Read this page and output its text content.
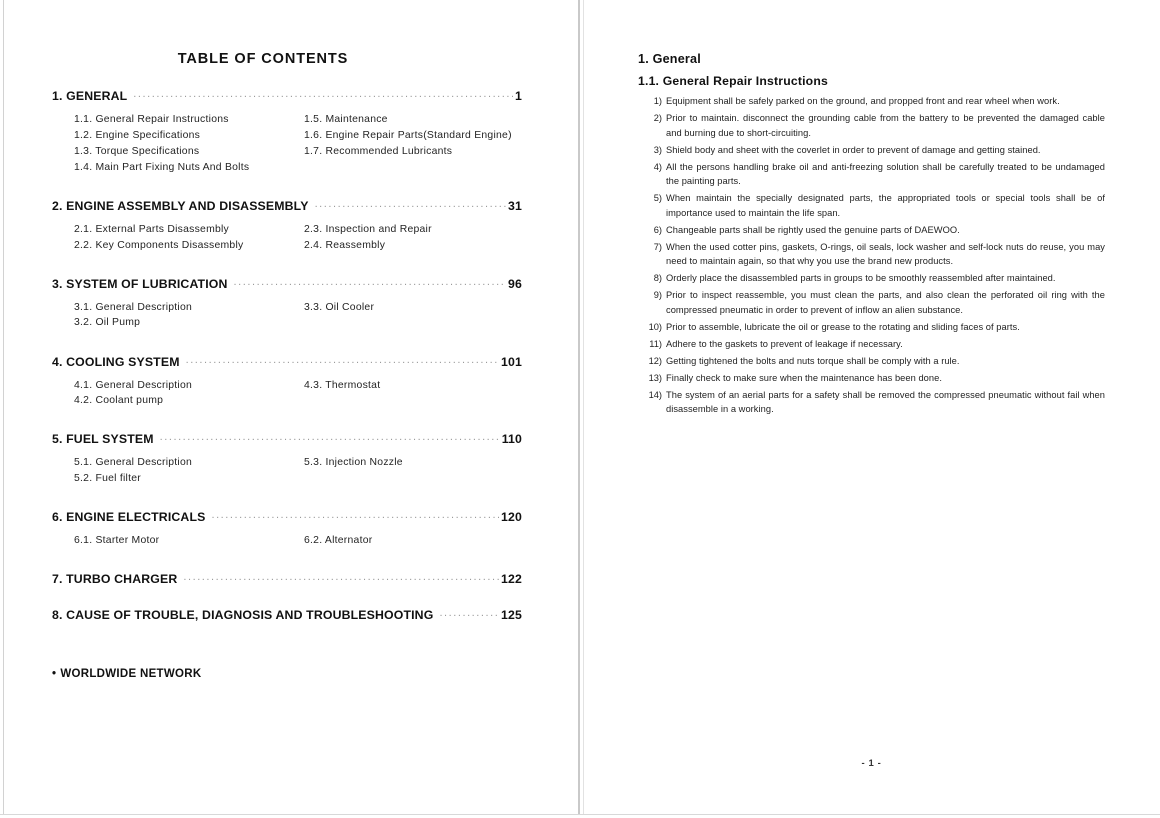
TABLE OF CONTENTS
1. GENERAL .....	1
1.1. General Repair Instructions	1.5. Maintenance
1.2. Engine Specifications	1.6. Engine Repair Parts(Standard Engine)
1.3. Torque Specifications	1.7. Recommended Lubricants
1.4. Main Part Fixing Nuts And Bolts
2. ENGINE ASSEMBLY AND DISASSEMBLY .....	31
2.1. External Parts Disassembly	2.3. Inspection and Repair
2.2. Key Components Disassembly	2.4. Reassembly
3. SYSTEM OF LUBRICATION .....	96
3.1. General Description	3.3. Oil Cooler
3.2. Oil Pump
4. COOLING SYSTEM .....	101
4.1. General Description	4.3. Thermostat
4.2. Coolant pump
5. FUEL SYSTEM .....	110
5.1. General Description	5.3. Injection Nozzle
5.2. Fuel filter
6. ENGINE ELECTRICALS .....	120
6.1. Starter Motor	6.2. Alternator
7. TURBO CHARGER .....	122
8. CAUSE OF TROUBLE, DIAGNOSIS AND TROUBLESHOOTING .....	125
• WORLDWIDE NETWORK
1. General
1.1. General Repair Instructions
1) Equipment shall be safely parked on the ground, and propped front and rear wheel when work.
2) Prior to maintain. disconnect the grounding cable from the battery to be prevented the damaged cable and burning due to short-circuiting.
3) Shield body and sheet with the coverlet in order to prevent of damage and getting stained.
4) All the persons handling brake oil and anti-freezing solution shall be carefully treated to be undamaged the painting parts.
5) When maintain the specially designated parts, the appropriated tools or special tools shall be of importance used to maintain the life span.
6) Changeable parts shall be rightly used the genuine parts of DAEWOO.
7) When the used cotter pins, gaskets, O-rings, oil seals, lock washer and self-lock nuts do reuse, you may need to maintain again, so that why you use the brand new products.
8) Orderly place the disassembled parts in groups to be smoothly reassembled after maintained.
9) Prior to inspect reassemble, you must clean the parts, and also clean the perforated oil ring with the compressed pneumatic in order to prevent of inflow an alien substance.
10) Prior to assemble, lubricate the oil or grease to the rotating and sliding faces of parts.
11) Adhere to the gaskets to prevent of leakage if necessary.
12) Getting tightened the bolts and nuts torque shall be comply with a rule.
13) Finally check to make sure when the maintenance has been done.
14) The system of an aerial parts for a safety shall be removed the compressed pneumatic without fail when disassemble in a working.
- 1 -
